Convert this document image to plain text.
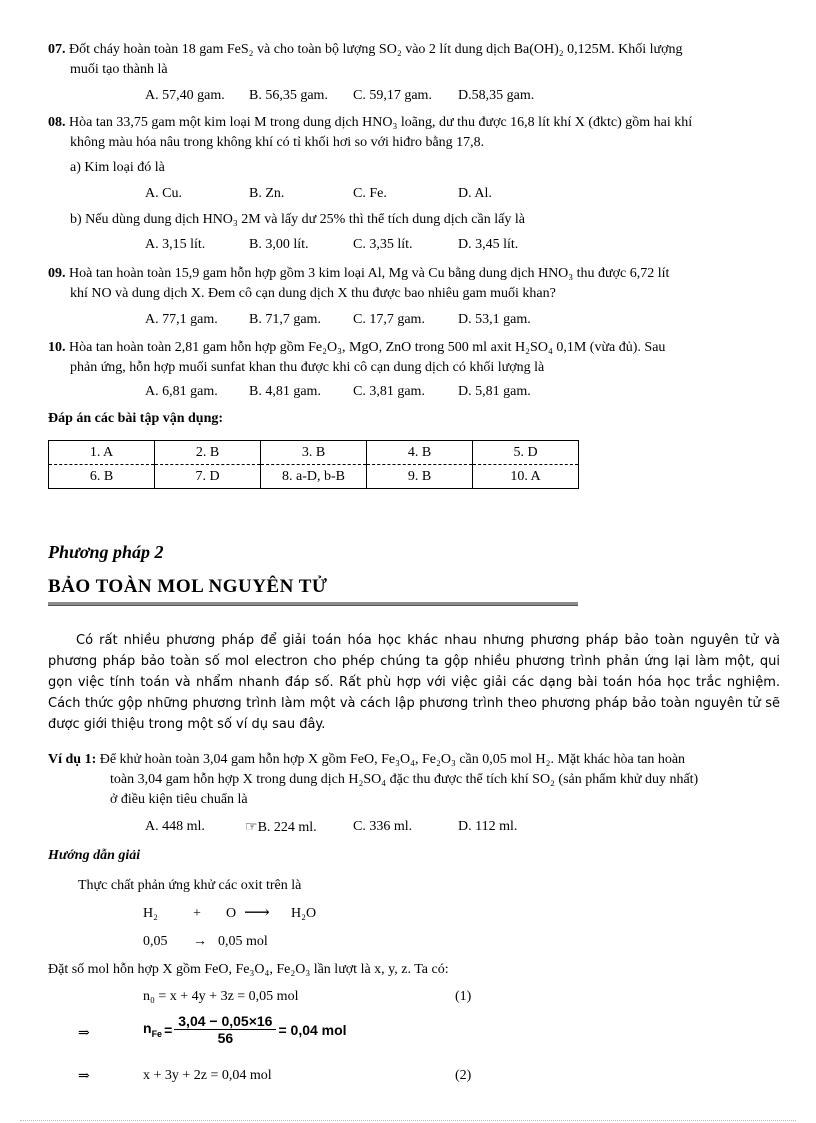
07. Đốt cháy hoàn toàn 18 gam FeS₂ và cho toàn bộ lượng SO₂ vào 2 lít dung dịch Ba(OH)₂ 0,125M. Khối lượng
muối tạo thành là
A. 57,40 gam.	B. 56,35 gam.	C. 59,17 gam.	D.58,35 gam.
08. Hòa tan 33,75 gam một kim loại M trong dung dịch HNO₃ loãng, dư thu được 16,8 lít khí X (đktc) gồm hai khí
không màu hóa nâu trong không khí có tỉ khối hơi so với hiđro bằng 17,8.
a) Kim loại đó là
A. Cu.	B. Zn.	C. Fe.	D. Al.
b) Nếu dùng dung dịch HNO₃ 2M và lấy dư 25% thì thể tích dung dịch cần lấy là
A. 3,15 lít.	B. 3,00 lít.	C. 3,35 lít.	D. 3,45 lít.
09. Hoà tan hoàn toàn 15,9 gam hỗn hợp gồm 3 kim loại Al, Mg và Cu bằng dung dịch HNO₃ thu được 6,72 lít
khí NO và dung dịch X. Đem cô cạn dung dịch X thu được bao nhiêu gam muối khan?
A. 77,1 gam.	B. 71,7 gam.	C. 17,7 gam.	D. 53,1 gam.
10. Hòa tan hoàn toàn 2,81 gam hỗn hợp gồm Fe₂O₃, MgO, ZnO trong 500 ml axit H₂SO₄ 0,1M (vừa đủ). Sau
phản ứng, hỗn hợp muối sunfat khan thu được khi cô cạn dung dịch có khối lượng là
A. 6,81 gam.	B. 4,81 gam.	C. 3,81 gam.	D. 5,81 gam.
Đáp án các bài tập vận dụng:
1. A	2. B	3. B	4. B	5. D
6. B	7. D	8. a-D, b-B	9. B	10. A
Phương pháp 2
BẢO TOÀN MOL NGUYÊN TỬ
Có rất nhiều phương pháp để giải toán hóa học khác nhau nhưng phương pháp bảo toàn nguyên tử và phương pháp bảo toàn số mol electron cho phép chúng ta gộp nhiều phương trình phản ứng lại làm một, qui gọn việc tính toán và nhẩm nhanh đáp số. Rất phù hợp với việc giải các dạng bài toán hóa học trắc nghiệm. Cách thức gộp những phương trình làm một và cách lập phương trình theo phương pháp bảo toàn nguyên tử sẽ được giới thiệu trong một số ví dụ sau đây.
Ví dụ 1: Để khử hoàn toàn 3,04 gam hỗn hợp X gồm FeO, Fe₃O₄, Fe₂O₃ cần 0,05 mol H₂. Mặt khác hòa tan hoàn
toàn 3,04 gam hỗn hợp X trong dung dịch H₂SO₄ đặc thu được thể tích khí SO₂ (sản phẩm khử duy nhất)
ở điều kiện tiêu chuẩn là
A. 448 ml.	☞B. 224 ml.	C. 336 ml.	D. 112 ml.
Hướng dẫn giải
Thực chất phản ứng khử các oxit trên là
H₂	+ O ⟶ H₂O
0,05 → 0,05 mol
Đặt số mol hỗn hợp X gồm FeO, Fe₃O₄, Fe₂O₃ lần lượt là x, y, z. Ta có:
n₀ = x + 4y + 3z = 0,05 mol	(1)
⇒	$n_{Fe} = \frac{3,04 - 0,05\times 16}{56} = 0,04$ mol
⇒	x + 3y + 2z = 0,04 mol	(2)
